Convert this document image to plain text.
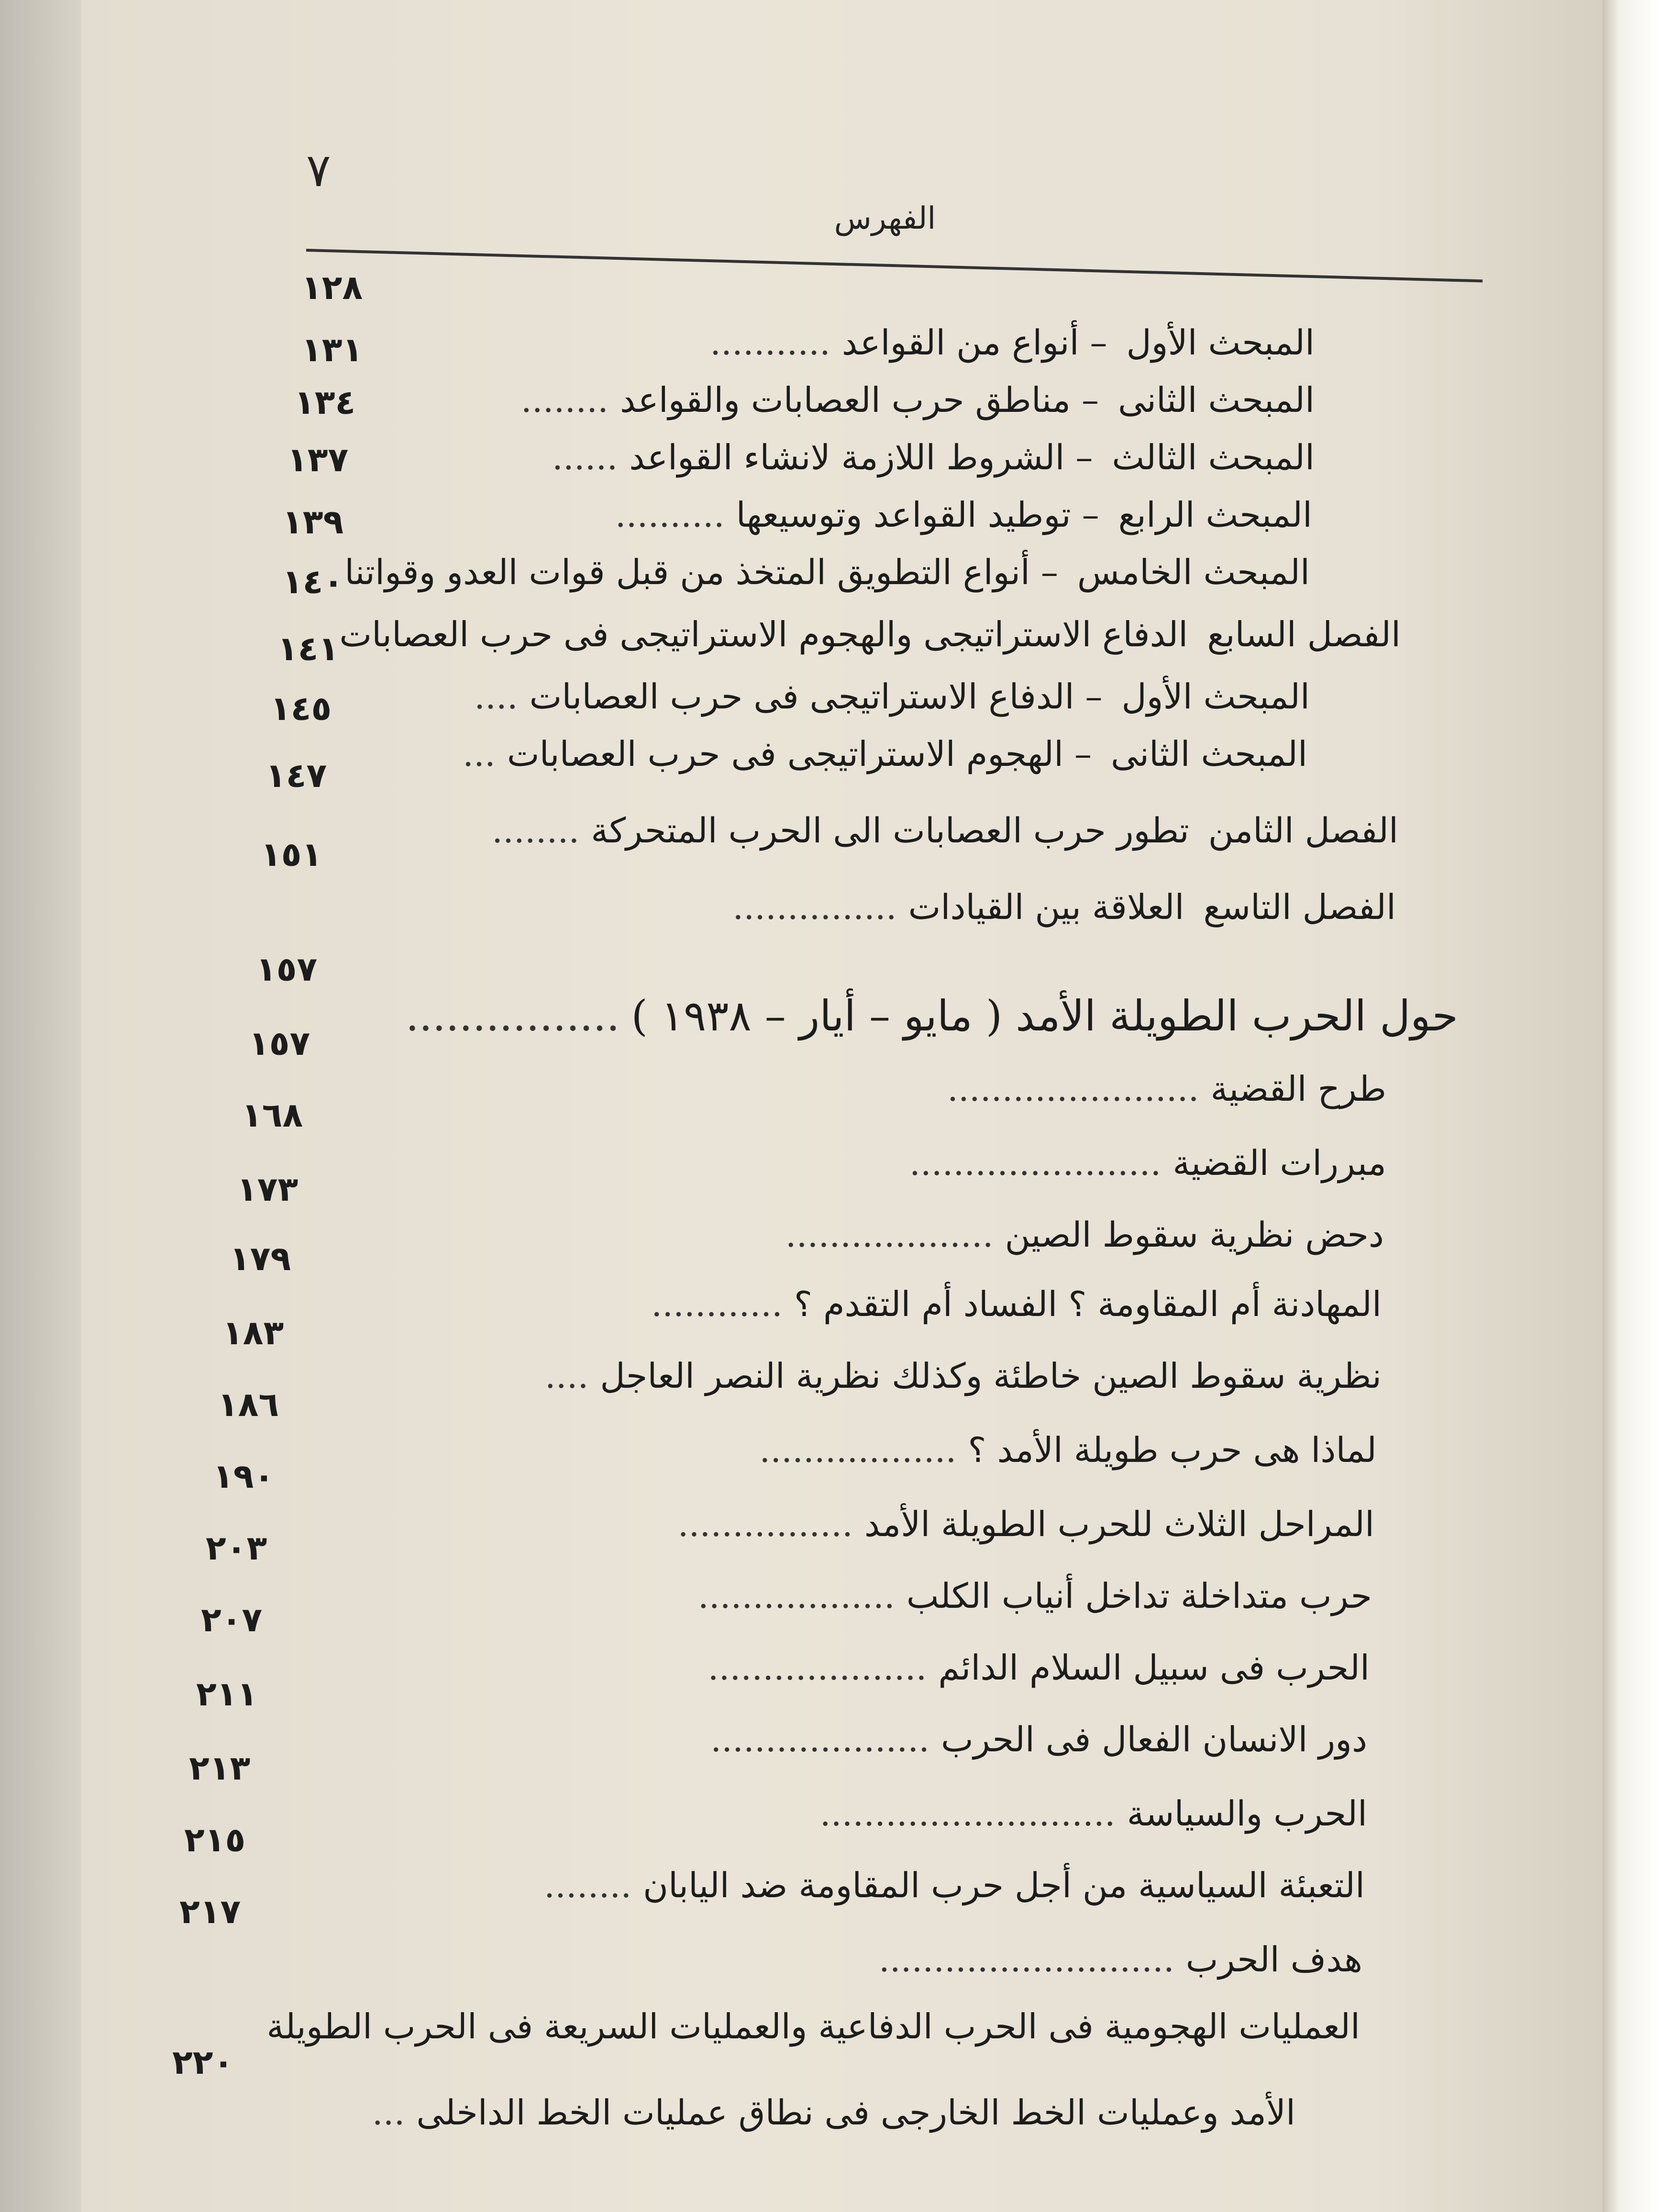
٧
الفهرس
المبحث الأول– أنواع من القواعد...........
١٢٨
المبحث الثانى– مناطق حرب العصابات والقواعد........
١٣١
المبحث الثالث– الشروط اللازمة لانشاء القواعد......
١٣٤
المبحث الرابع– توطيد القواعد وتوسيعها..........
١٣٧
المبحث الخامس– أنواع التطويق المتخذ من قبل قوات العدو وقواتنا
١٣٩
الفصل السابعالدفاع الاستراتيجى والهجوم الاستراتيجى فى حرب العصابات
١٤٠
المبحث الأول– الدفاع الاستراتيجى فى حرب العصابات....
١٤١
المبحث الثانى– الهجوم الاستراتيجى فى حرب العصابات...
١٤٥
الفصل الثامنتطور حرب العصابات الى الحرب المتحركة........
١٤٧
الفصل التاسعالعلاقة بين القيادات...............
١٥١
حول الحرب الطويلة الأمد ( مايو – أيار – ١٩٣٨ )................
١٥٧
طرح القضية.......................
١٥٧
مبررات القضية.......................
١٦٨
دحض نظرية سقوط الصين...................
١٧٣
المهادنة أم المقاومة ؟ الفساد أم التقدم ؟............
١٧٩
نظرية سقوط الصين خاطئة وكذلك نظرية النصر العاجل....
١٨٣
لماذا هى حرب طويلة الأمد ؟..................
١٨٦
المراحل الثلاث للحرب الطويلة الأمد................
١٩٠
حرب متداخلة تداخل أنياب الكلب..................
٢٠٣
الحرب فى سبيل السلام الدائم....................
٢٠٧
دور الانسان الفعال فى الحرب....................
٢١١
الحرب والسياسة...........................
٢١٣
التعبئة السياسية من أجل حرب المقاومة ضد اليابان........
٢١٥
هدف الحرب...........................
٢١٧
العمليات الهجومية فى الحرب الدفاعية والعمليات السريعة فى الحرب الطويلة
الأمد وعمليات الخط الخارجى فى نطاق عمليات الخط الداخلى...
٢٢٠
